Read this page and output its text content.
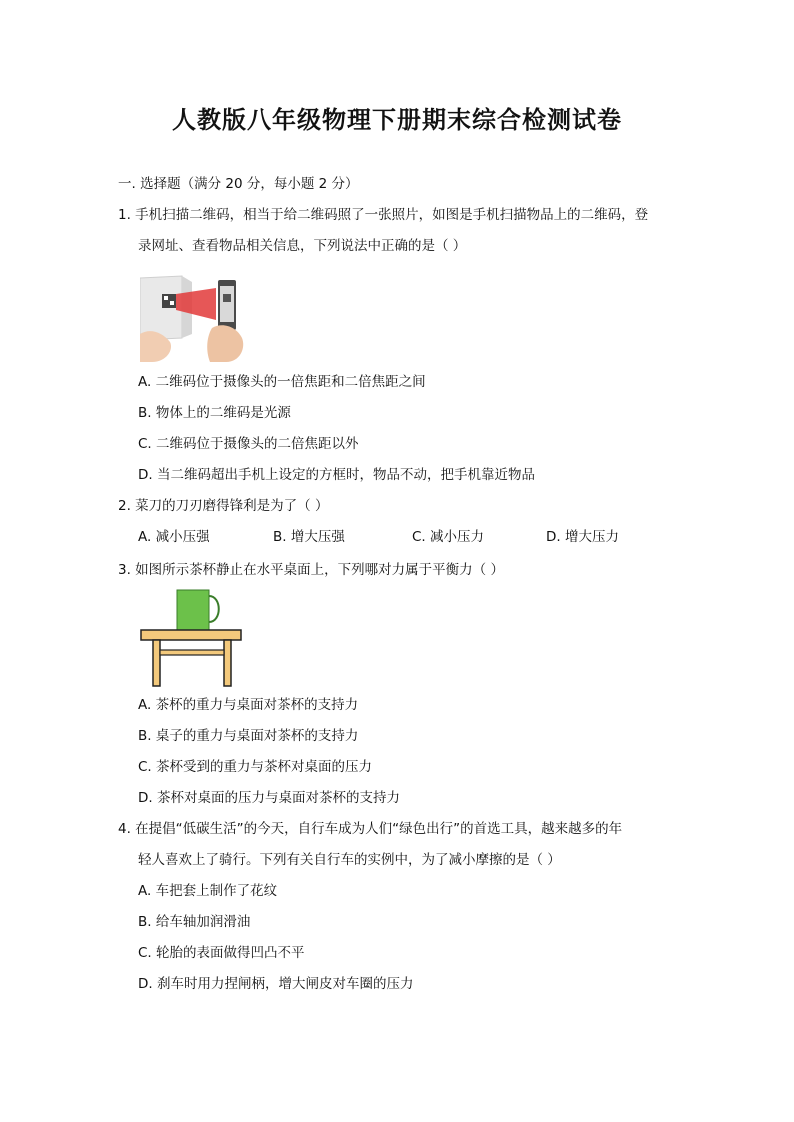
人教版八年级物理下册期末综合检测试卷
一. 选择题（满分 20 分，每小题 2 分）
1. 手机扫描二维码，相当于给二维码照了一张照片，如图是手机扫描物品上的二维码，登
录网址、查看物品相关信息，下列说法中正确的是（ ）
A. 二维码位于摄像头的一倍焦距和二倍焦距之间
B. 物体上的二维码是光源
C. 二维码位于摄像头的二倍焦距以外
D. 当二维码超出手机上设定的方框时，物品不动，把手机靠近物品
2. 菜刀的刀刃磨得锋利是为了（ ）
A. 减小压强	B. 增大压强	C. 减小压力	D. 增大压力
3. 如图所示茶杯静止在水平桌面上，下列哪对力属于平衡力（ ）
A. 茶杯的重力与桌面对茶杯的支持力
B. 桌子的重力与桌面对茶杯的支持力
C. 茶杯受到的重力与茶杯对桌面的压力
D. 茶杯对桌面的压力与桌面对茶杯的支持力
4. 在提倡“低碳生活”的今天，自行车成为人们“绿色出行”的首选工具，越来越多的年
轻人喜欢上了骑行。下列有关自行车的实例中，为了减小摩擦的是（ ）
A. 车把套上制作了花纹
B. 给车轴加润滑油
C. 轮胎的表面做得凹凸不平
D. 刹车时用力捏闸柄，增大闸皮对车圈的压力
